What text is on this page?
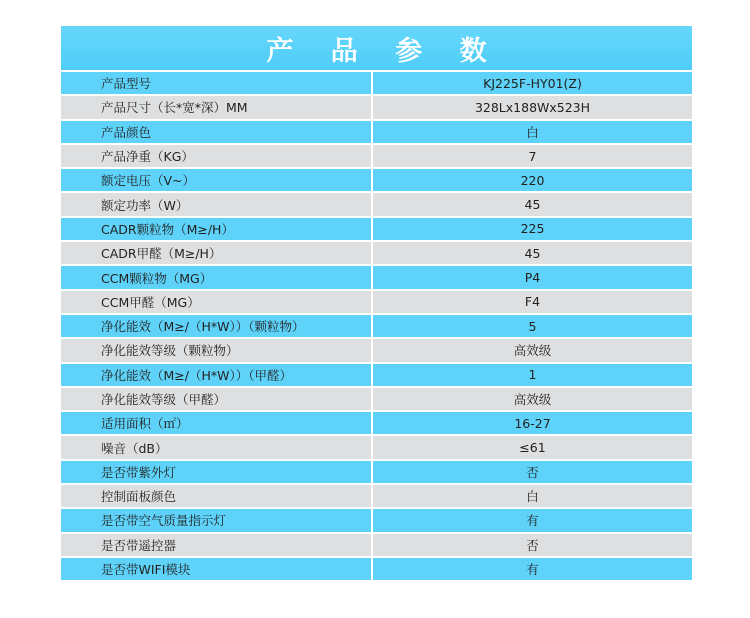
产 品 参 数
产品型号	KJ225F-HY01(Z)
产品尺寸（长*宽*深）MM	328Lx188Wx523H
产品颜色	白
产品净重（KG）	7
额定电压（V~）	220
额定功率（W）	45
CADR颗粒物（M≥/H）	225
CADR甲醛（M≥/H）	45
CCM颗粒物（MG）	P4
CCM甲醛（MG）	F4
净化能效（M≥/（H*W））（颗粒物）	5
净化能效等级（颗粒物）	高效级
净化能效（M≥/（H*W））（甲醛）	1
净化能效等级（甲醛）	高效级
适用面积（㎡）	16-27
噪音（dB）	≤61
是否带紫外灯	否
控制面板颜色	白
是否带空气质量指示灯	有
是否带遥控器	否
是否带WIFI模块	有
